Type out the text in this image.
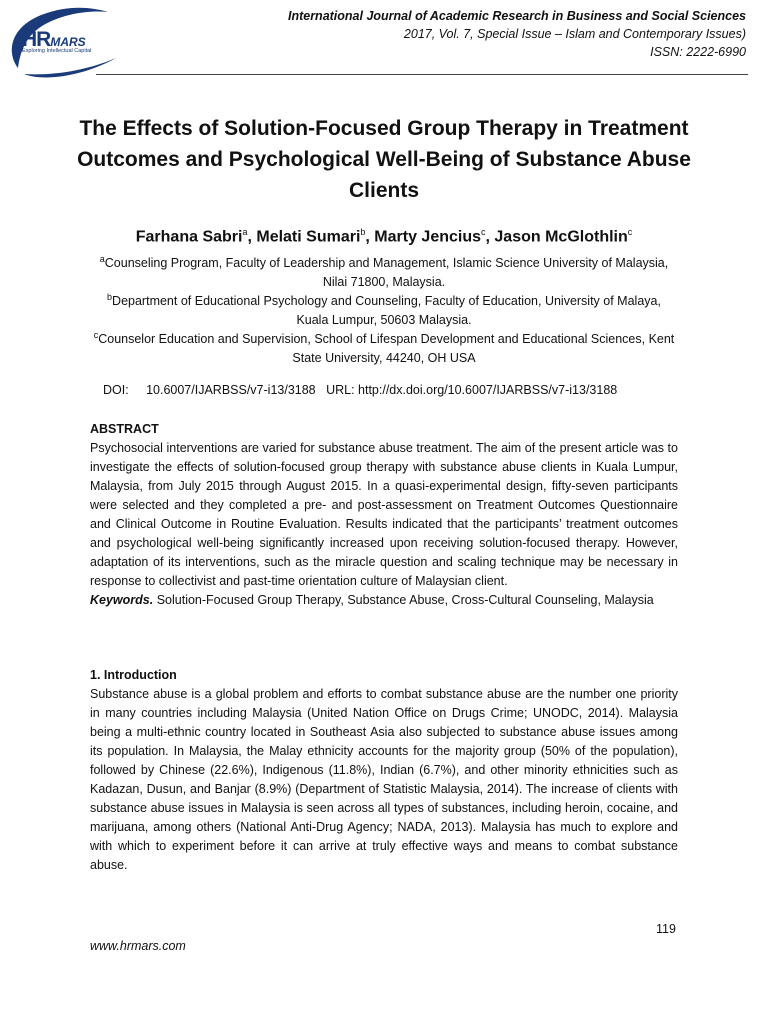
HRMARS
Exploring Intellectual Capital
International Journal of Academic Research in Business and Social Sciences
2017, Vol. 7, Special Issue – Islam and Contemporary Issues)
ISSN: 2222-6990
The Effects of Solution-Focused Group Therapy in Treatment Outcomes and Psychological Well-Being of Substance Abuse Clients
Farhana Sabri$^a$, Melati Sumari$^b$, Marty Jencius$^c$, Jason McGlothlin$^c$
$^a$Counseling Program, Faculty of Leadership and Management, Islamic Science University of Malaysia, Nilai 71800, Malaysia.
$^b$Department of Educational Psychology and Counseling, Faculty of Education, University of Malaya, Kuala Lumpur, 50603 Malaysia.
$^c$Counselor Education and Supervision, School of Lifespan Development and Educational Sciences, Kent State University, 44240, OH USA
DOI: 10.6007/IJARBSS/v7-i13/3188 URL: http://dx.doi.org/10.6007/IJARBSS/v7-i13/3188
ABSTRACT
Psychosocial interventions are varied for substance abuse treatment. The aim of the present article was to investigate the effects of solution-focused group therapy with substance abuse clients in Kuala Lumpur, Malaysia, from July 2015 through August 2015. In a quasi-experimental design, fifty-seven participants were selected and they completed a pre- and post-assessment on Treatment Outcomes Questionnaire and Clinical Outcome in Routine Evaluation. Results indicated that the participants’ treatment outcomes and psychological well-being significantly increased upon receiving solution-focused therapy. However, adaptation of its interventions, such as the miracle question and scaling technique may be necessary in response to collectivist and past-time orientation culture of Malaysian client.
Keywords. Solution-Focused Group Therapy, Substance Abuse, Cross-Cultural Counseling, Malaysia
1. Introduction
Substance abuse is a global problem and efforts to combat substance abuse are the number one priority in many countries including Malaysia (United Nation Office on Drugs Crime; UNODC, 2014). Malaysia being a multi-ethnic country located in Southeast Asia also subjected to substance abuse issues among its population. In Malaysia, the Malay ethnicity accounts for the majority group (50% of the population), followed by Chinese (22.6%), Indigenous (11.8%), Indian (6.7%), and other minority ethnicities such as Kadazan, Dusun, and Banjar (8.9%) (Department of Statistic Malaysia, 2014). The increase of clients with substance abuse issues in Malaysia is seen across all types of substances, including heroin, cocaine, and marijuana, among others (National Anti-Drug Agency; NADA, 2013). Malaysia has much to explore and with which to experiment before it can arrive at truly effective ways and means to combat substance abuse.
119
www.hrmars.com
